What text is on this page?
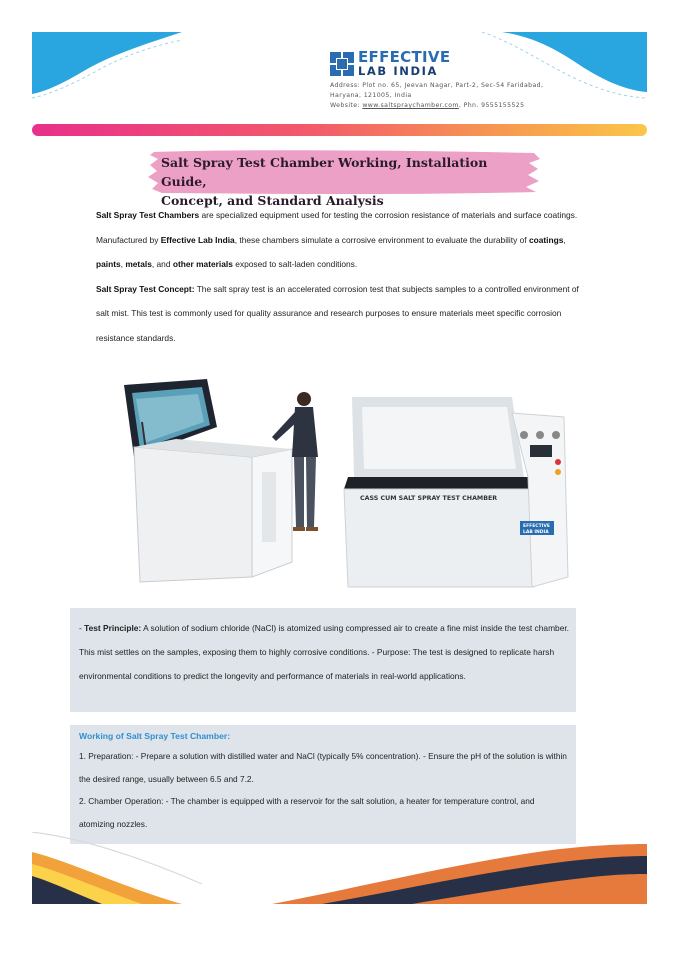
EFFECTIVE
LAB INDIA
Address: Plot no. 65, Jeevan Nagar, Part-2, Sec-54 Faridabad,
Haryana, 121005, India
Website: www.saltspraychamber.com, Phn. 9555155525
Salt Spray Test Chamber Working, Installation Guide,
Concept, and Standard Analysis
Salt Spray Test Chambers are specialized equipment used for testing the corrosion resistance of materials and surface coatings. Manufactured by Effective Lab India, these chambers simulate a corrosive environment to evaluate the durability of coatings, paints, metals, and other materials exposed to salt-laden conditions.
Salt Spray Test Concept: The salt spray test is an accelerated corrosion test that subjects samples to a controlled environment of salt mist. This test is commonly used for quality assurance and research purposes to ensure materials meet specific corrosion resistance standards.
CASS CUM SALT SPRAY TEST CHAMBER
EFFECTIVE
LAB INDIA
- Test Principle: A solution of sodium chloride (NaCl) is atomized using compressed air to create a fine mist inside the test chamber. This mist settles on the samples, exposing them to highly corrosive conditions. - Purpose: The test is designed to replicate harsh environmental conditions to predict the longevity and performance of materials in real-world applications.
Working of Salt Spray Test Chamber:
1. Preparation: - Prepare a solution with distilled water and NaCl (typically 5% concentration). - Ensure the pH of the solution is within the desired range, usually between 6.5 and 7.2.
2. Chamber Operation: - The chamber is equipped with a reservoir for the salt solution, a heater for temperature control, and atomizing nozzles.
